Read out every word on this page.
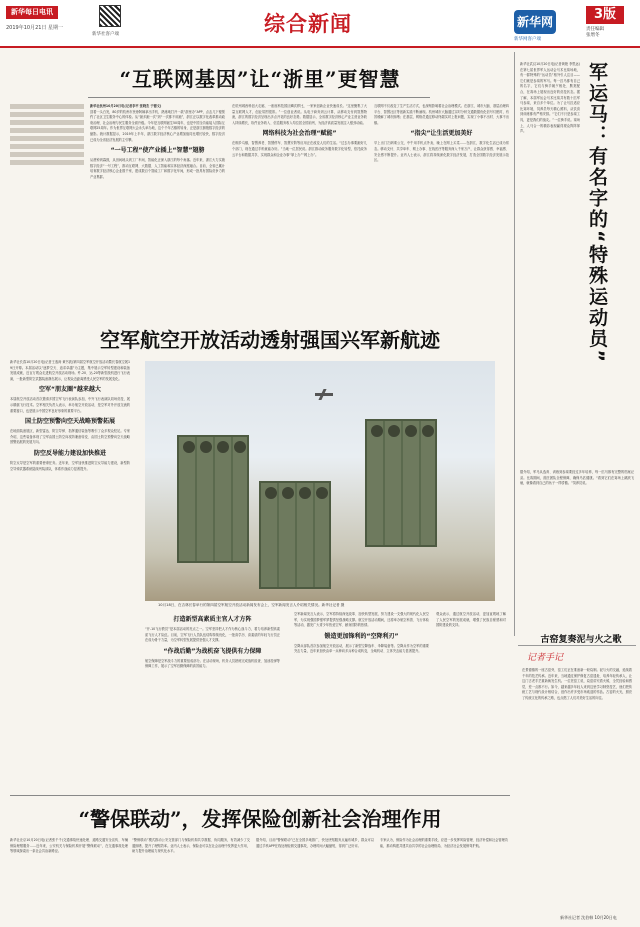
新华每日电讯
2019年10月21日 星期一
新华社客户端	综合新闻	新华网
新华网客户端
3版
责任编辑
张增冬
“互联网基因”让“浙里”更智慧

新华社杭州10月20日电(记者李平 张晓杰 于德文)

顶着一头白发，80岁的杭州市民徐阿姨拿出手机，熟练地打开一款“浙里办”APP，点击几下便预约了社区卫生服务中心的体检。从“最多跑一次”到“一次都不用跑”，浙江正以数字化改革推动政府治理、社会治理与民生服务全面升级。今年是互联网诞生50周年，也是中国全功能接入国际互联网25周年。作为世界互联网大会永久举办地，这个千年古镇的转身，正是浙江拥抱数字经济的缩影。统计数据显示，2019年上半年，浙江数字经济核心产业增加值同比增长较快，数字经济已成为全省经济发展的主引擎。

“一号工程”使产业插上“智慧”翅膀

从晨钟到暮鼓，从田间地头到工厂车间，智能化正深入浙江的每个角落。近年来，浙江大力实施数字经济“一号工程”，推动互联网、大数据、人工智能和实体经济深度融合。目前，全省已累计培育数字经济核心企业数千家，建成数百个智能工厂和数字化车间，形成一批具有国际竞争力的产业集群。

在杭州城西科创大走廊，一座座科技园区鳞次栉比，一家家创新企业快速成长。“这里聚集了大量互联网人才，创业氛围很浓。”一位创业者说。从电子商务到云计算，从移动支付到智慧物流，浙江的数字经济呈现出多点开花的良好态势。数据显示，全省数字经济核心产业主营业务收入持续增长，软件业务收入、信息服务收入均位居全国前列，为经济高质量发展注入强劲动能。

网络科技为社会治理“赋能”

在桐乡乌镇，智慧养老、智慧停车、智慧安防等应用正在改变人们的生活。“过去办事要跑好几个部门，现在通过手机就能办好。”当地一位居民说。浙江推动政务服务数字化转型，依托政务云平台和数据共享，实现群众和企业办事“掌上办”“网上办”。

互联网不仅改变了生产生活方式，也深刻影响着社会治理模式。在浙江，城市大脑、基层治理四平台、智慧社区等创新实践不断涌现。杭州城市大脑通过实时分析交通数据优化信号灯配时，有效缓解了城市拥堵；在基层，网格员通过移动终端实时上报问题，实现了小事不出村、大事不出镇。

“指尖”让生活更加美好

早上出门扫码乘公交，中午用手机点外卖，晚上在网上买菜……在浙江，数字化生活已成为常态。移动支付、共享单车、网上办事、在线医疗等服务深入千家万户，让群众获得感、幸福感、安全感不断提升。业内人士表示，浙江将持续深化数字经济发展，打造全国数字经济发展示范区。

新华社武汉10月20日电(记者黄艳 李思远)在第七届世界军人运动会马术比赛场地，有一群特殊的“运动员”格外引人注目——它们就是参赛的军马。每一匹马都有自己的名字，它们与骑手朝夕相处、默契配合，在赛场上展现出良好的竞技状态。据了解，本届军运会马术比赛共有数十匹军马参赛，来自多个单位。为了让马匹适应比赛环境，饲养员每天精心照料，从饮食到训练都有严格安排。“它们不只是参赛工具，更是我们的战友。”一位骑手说。赛场上，人马合一的精彩表现赢得观众阵阵掌声。	军运马：有名字的“特殊运动员”
据介绍，军马从选育、训练到参赛要经过多年培养，每一匹马都有完整的档案记录。比赛期间，兽医团队全程保障，确保马匹健康。“看到它们在赛场上跳跃飞驰，就像看到自己的孩子一样骄傲。”饲养员说。
空军航空开放活动透射强国兴军新航迹

新华社长春10月20日电(记者王逸涛 黄书波)第四届空军航空开放活动暨长春航空展19日开幕。本届活动以“逐梦空天、追求卓越”为主题，集中展示空军转型建设和装备发展成就，近百万观众走进航空开放活动现场。歼-20、运-20等新型战机进行飞行表演，一批新型防空武器装备静态展示，让观众近距离感受人民空军的发展变化。

空军“朋友圈”越来越大

本届航空开放活动首次邀请多国空军飞行表演队参加，中外飞行表演队同场竞技，展示精湛飞行技术。空军相关负责人表示，举办航空开放活动，是空军对外开放交流的重要窗口，也是展示中国空军良好形象的重要平台。

国土防空预警向空天战略预警拓展

在地面装备展区，新型雷达、防空导弹、指挥通信装备等吸引了众多观众驻足。专家介绍，这些装备体现了空军由国土防空向攻防兼备转变、由国土防空预警向空天战略预警拓展的发展方向。

防空反导能力建设加快推进

防空反导是空军的重要使命任务。近年来，空军加快推进防空反导能力建设，新型防空导弹武器系统陆续列装部队，体系作战能力显著提升。

10月18日，在吉林长春举行的第四届空军航空开放活动新闻发布会上，空军新闻发言人介绍相关情况。新华社记者 摄
打造新型高素质主官人才方阵

“开-10飞行教员”是本届活动的亮点之一。空军坚持把人才作为核心战斗力，着力培养新型高素质飞行人才队伍。目前，空军飞行人员队伍结构持续优化，一批高学历、高素质的年轻飞行员正在成为骨干力量，为空军转型发展提供坚强人才支撑。

“作战后勤”为战机奋飞提供有力保障

航空保障是空军战斗力的重要组成部分。在活动现场，机务人员熟练完成战机检查、加油挂弹等保障工作，展示了空军后勤保障的高效能力。

空军新闻发言人表示，空军将持续深化改革、加快转型发展，努力建设一支强大的现代化人民空军，为实现强国梦强军梦提供坚强战略支撑。航空开放活动期间，还将举办航空科普、飞行体验等活动，激发广大青少年热爱空军、献身国防的热情。

锻造更加锋利的“空降利刃”

空降兵部队首次参加航空开放活动，展示了新型空降战车、伞降装备等。空降兵作为空军的重要突击力量，近年来加快由单一兵种向多兵种合成转变，全域机动、立体突击能力显著提升。

观众表示，通过航空开放活动，更加直观地了解了人民空军的发展成就，增强了民族自豪感和对国防建设的支持。
古窑复奏泥与火之歌
记者手记
在景德镇的一座古窑旁，窑工们正在准备新一轮烧制。泥与火的交融，延续着千年的技艺传承。近年来，当地通过保护修复古窑遗址、培养年轻传承人，让这门古老手艺重新焕发生机。一位老窑工说，烧窑讲究看火候，全凭经验和感觉，差一点都不行。如今，越来越多年轻人来到这里学习制瓷技艺，他们把传统工艺与现代设计相结合，创作出许多受市场欢迎的作品。古窑的火光，照亮了传统文化的传承之路，也点燃了人们对美好生活的向往。
新华社记者 沈伯韩 10月20日电
“警保联动”，发挥保险创新社会治理作用
新华社北京10月20日电(记者张千千)交通事故快速处理、道路交通安全宣传、车辆保险理赔服务……近年来，公安机关与保险机构开展“警保联动”，在交通事故处理等领域探索出一条社会共治新路径。
“警保联动”模式推动公安交管部门与保险机构共享数据、协同服务，有效减少了交通拥堵，提升了理赔效率。业内人士表示，保险业可以在社会治理中发挥更大作用，助力提升治理能力现代化水平。
据介绍，目前“警保联动”已在全国多地推广，快处快赔服务点遍布城乡，群众可以通过手机APP在线处理轻微交通事故，办理时间大幅缩短，得到广泛好评。
专家认为，保险作为社会治理的重要手段，应进一步发挥风险管理、经济补偿和社会管理功能，推动构建共建共治共享的社会治理格局，为经济社会发展保驾护航。
